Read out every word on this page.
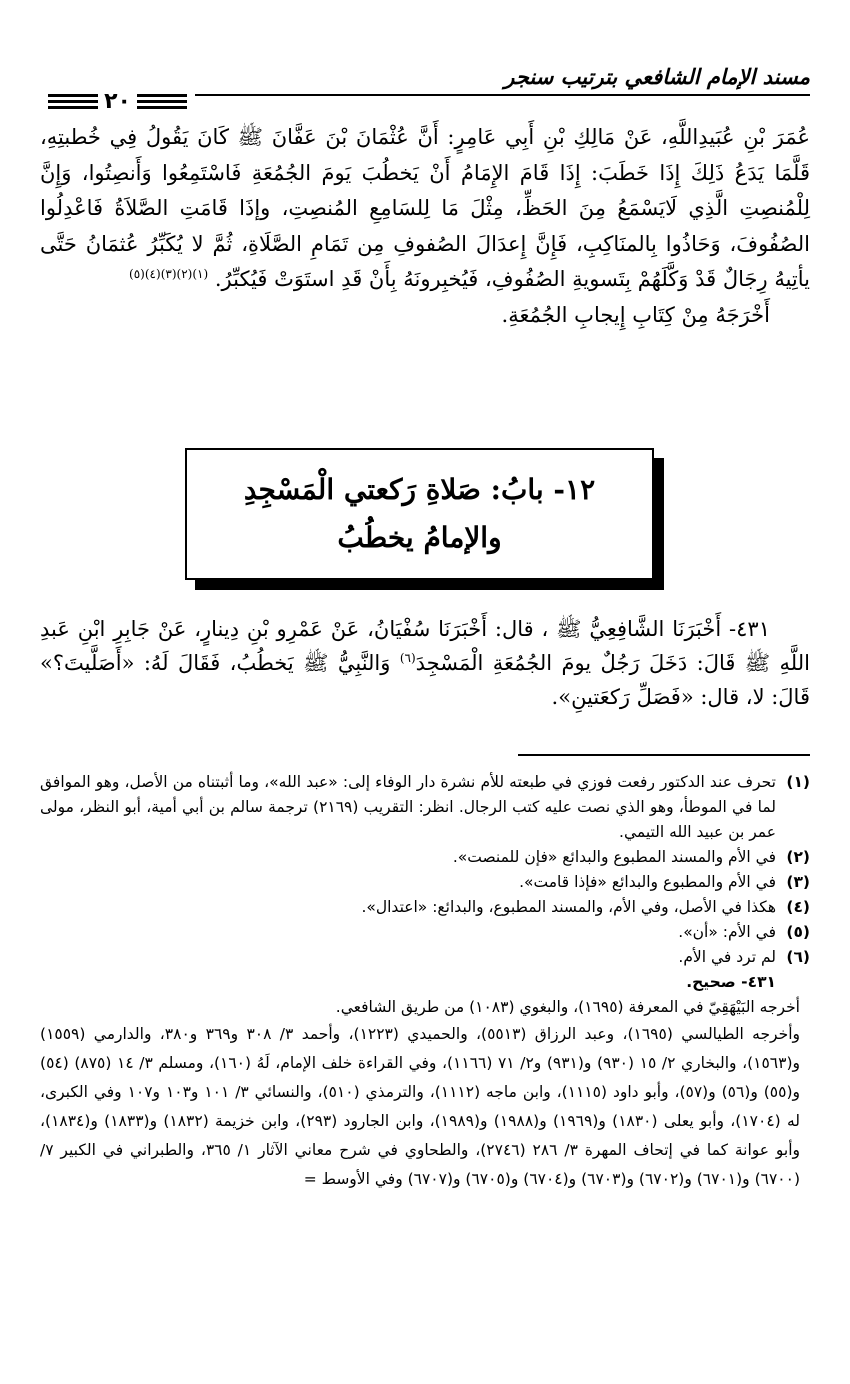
مسند الإمام الشافعي بترتيب سنجر
٢٠

عُمَرَ بْنِ عُبَيدِاللَّهِ، عَنْ مَالِكِ بْنِ أَبِي عَامِرٍ: أَنَّ عُثْمَانَ بْنَ عَفَّانَ ﷺ كَانَ يَقُولُ فِي خُطبتِهِ، قَلَّمَا يَدَعُ ذَلِكَ إِذَا خَطَبَ: إِذَا قَامَ الإِمَامُ أَنْ يَخطُبَ يَومَ الجُمُعَةِ فَاسْتَمِعُوا وَأَنصِتُوا، وَإِنَّ لِلْمُنصِتِ الَّذِي لَايَسْمَعُ مِنَ الحَظِّ، مِثْلَ مَا لِلسَامِعِ المُنصِتِ، وإذَا قَامَتِ الصَّلاَةُ فَاعْدِلُوا الصُفُوفَ، وَحَاذُوا بِالمنَاكِبِ، فَإِنَّ إِعدَالَ الصُفوفِ مِن تَمَامِ الصَّلَاةِ، ثُمَّ لا يُكَبِّرُ عُثمَانُ حَتَّى يأتِيهُ رِجَالٌ قَدْ وَكَّلَهُمْ بِتَسويةِ الصُفُوفِ، فَيُخبِرونَهُ بِأَنْ قَدِ استَوَتْ فَيُكبِّرُ. $^{(١)(٢)(٣)(٤)(٥)}$

أَخْرَجَهُ مِنْ كِتَابِ إِيجابِ الجُمُعَةِ.

١٢- بابُ: صَلاةِ رَكعتي الْمَسْجِدِ والإمامُ يخطُبُ

٤٣١- أَخْبَرَنَا الشَّافِعِيُّ ﷺ ، قال: أَخْبَرَنَا سُفْيَانُ، عَنْ عَمْرِو بْنِ دِينارٍ، عَنْ جَابِرِ ابْنِ عَبدِ اللَّهِ ﷺ قَالَ: دَخَلَ رَجُلٌ يومَ الجُمُعَةِ الْمَسْجِدَ$^{(٦)}$ وَالنَّبِيُّ ﷺ يَخطُبُ، فَقَالَ لَهُ: «أَصَلَّيتَ؟» قَالَ: لا، قال: «فَصَلِّ رَكعَتينِ».

(١)
تحرف عند الدكتور رفعت فوزي في طبعته للأم نشرة دار الوفاء إلى: «عبد الله»، وما أثبتناه من الأصل، وهو الموافق لما في الموطأ، وهو الذي نصت عليه كتب الرجال. انظر: التقريب (٢١٦٩) ترجمة سالم بن أبي أمية، أبو النظر، مولى عمر بن عبيد الله التيمي.
(٢)
في الأم والمسند المطبوع والبدائع «فإن للمنصت».
(٣)
في الأم والمطبوع والبدائع «فإذا قامت».
(٤)
هكذا في الأصل، وفي الأم، والمسند المطبوع، والبدائع: «اعتدال».
(٥)
في الأم: «أن».
(٦)
لم ترد في الأم.
٤٣١- صحيح.

أخرجه البَيْهَقِيّ في المعرفة (١٦٩٥)، والبغوي (١٠٨٣) من طريق الشافعي.

وأخرجه الطيالسي (١٦٩٥)، وعبد الرزاق (٥٥١٣)، والحميدي (١٢٢٣)، وأحمد ٣/ ٣٠٨ و٣٦٩ و٣٨٠، والدارمي (١٥٥٩) و(١٥٦٣)، والبخاري ٢/ ١٥ (٩٣٠) و(٩٣١) و٢/ ٧١ (١١٦٦)، وفي القراءة خلف الإمام، لَهُ (١٦٠)، ومسلم ٣/ ١٤ (٨٧٥) (٥٤) و(٥٥) و(٥٦) و(٥٧)، وأبو داود (١١١٥)، وابن ماجه (١١١٢)، والترمذي (٥١٠)، والنسائي ٣/ ١٠١ و١٠٣ و١٠٧ وفي الكبرى، له (١٧٠٤)، وأبو يعلى (١٨٣٠) و(١٩٦٩) و(١٩٨٨) و(١٩٨٩)، وابن الجارود (٢٩٣)، وابن خزيمة (١٨٣٢) و(١٨٣٣) و(١٨٣٤)، وأبو عوانة كما في إتحاف المهرة ٣/ ٢٨٦ (٢٧٤٦)، والطحاوي في شرح معاني الآثار ١/ ٣٦٥، والطبراني في الكبير ٧/ (٦٧٠٠) و(٦٧٠١) و(٦٧٠٢) و(٦٧٠٣) و(٦٧٠٤) و(٦٧٠٥) و(٦٧٠٧) وفي الأوسط =
